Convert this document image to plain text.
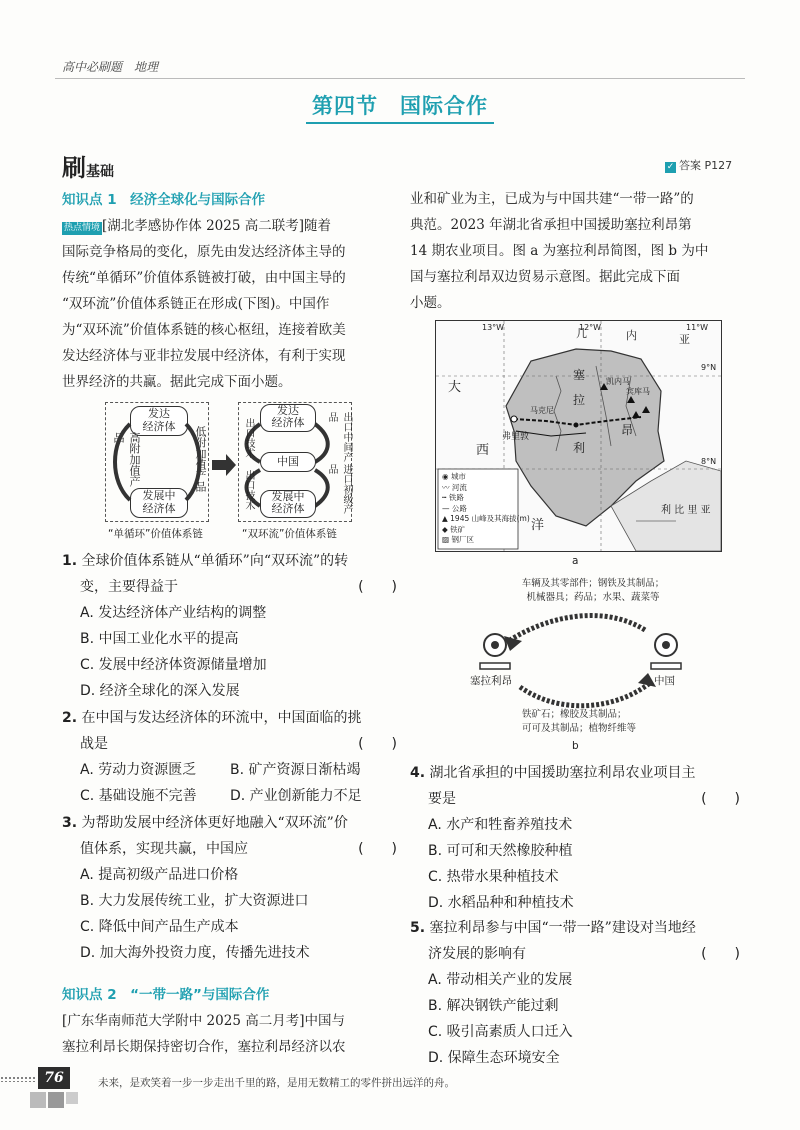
高中必刷题　地理
第四节　国际合作
刷基础	✓ 答案 P127
知识点 1　经济全球化与国际合作
热点情境 [湖北孝感协作体 2025 高二联考]随着
国际竞争格局的变化，原先由发达经济体主导的
传统“单循环”价值体系链被打破，由中国主导的
“双环流”价值体系链正在形成(下图)。中国作
为“双环流”价值体系链的核心枢纽，连接着欧美
发达经济体与亚非拉发展中经济体，有利于实现
世界经济的共赢。据此完成下面小题。
发达
经济体
发展中
经济体
高附加值产品	低附加值产品
发达
经济体
中国
发展中
经济体
出口技术	出口中间产品
出口技术	进口初级产品
“单循环”价值体系链	“双环流”价值体系链
1. 全球价值体系链从“单循环”向“双环流”的转
变，主要得益于	(　　)
A. 发达经济体产业结构的调整
B. 中国工业化水平的提高
C. 发展中经济体资源储量增加
D. 经济全球化的深入发展
2. 在中国与发达经济体的环流中，中国面临的挑
战是	(　　)
A. 劳动力资源匮乏 B. 矿产资源日渐枯竭
C. 基础设施不完善 D. 产业创新能力不足
3. 为帮助发展中经济体更好地融入“双环流”价
值体系，实现共赢，中国应	(　　)
A. 提高初级产品进口价格
B. 大力发展传统工业，扩大资源进口
C. 降低中间产品生产成本
D. 加大海外投资力度，传播先进技术
知识点 2　“一带一路”与国际合作
[广东华南师范大学附中 2025 高二月考]中国与
塞拉利昂长期保持密切合作，塞拉利昂经济以农
业和矿业为主，已成为与中国共建“一带一路”的
典范。2023 年湖北省承担中国援助塞拉利昂第
14 期农业项目。图 a 为塞拉利昂简图，图 b 为中
国与塞拉利昂双边贸易示意图。据此完成下面
小题。
几	内	亚
大
西
洋
塞
拉
利
昂
利 比 里 亚
弗里敦
马克尼
凯内马
宾库马
13°W	12°W	11°W
9°N
8°N
◉ 城市
〰 河流
┅ 铁路
— 公路
▲ 1945 山峰及其海拔(m)
◆ 铁矿
▨ 钢厂区
a
车辆及其零部件；钢铁及其制品；
机械器具；药品；水果、蔬菜等
塞拉利昂	中国
铁矿石；橡胶及其制品；
可可及其制品；植物纤维等
b
4. 湖北省承担的中国援助塞拉利昂农业项目主
要是	(　　)
A. 水产和牲畜养殖技术
B. 可可和天然橡胶种植
C. 热带水果种植技术
D. 水稻品种和种植技术
5. 塞拉利昂参与中国“一带一路”建设对当地经
济发展的影响有	(　　)
A. 带动相关产业的发展
B. 解决钢铁产能过剩
C. 吸引高素质人口迁入
D. 保障生态环境安全
76	未来，是欢笑着一步一步走出千里的路，是用无数精工的零件拼出远洋的舟。
